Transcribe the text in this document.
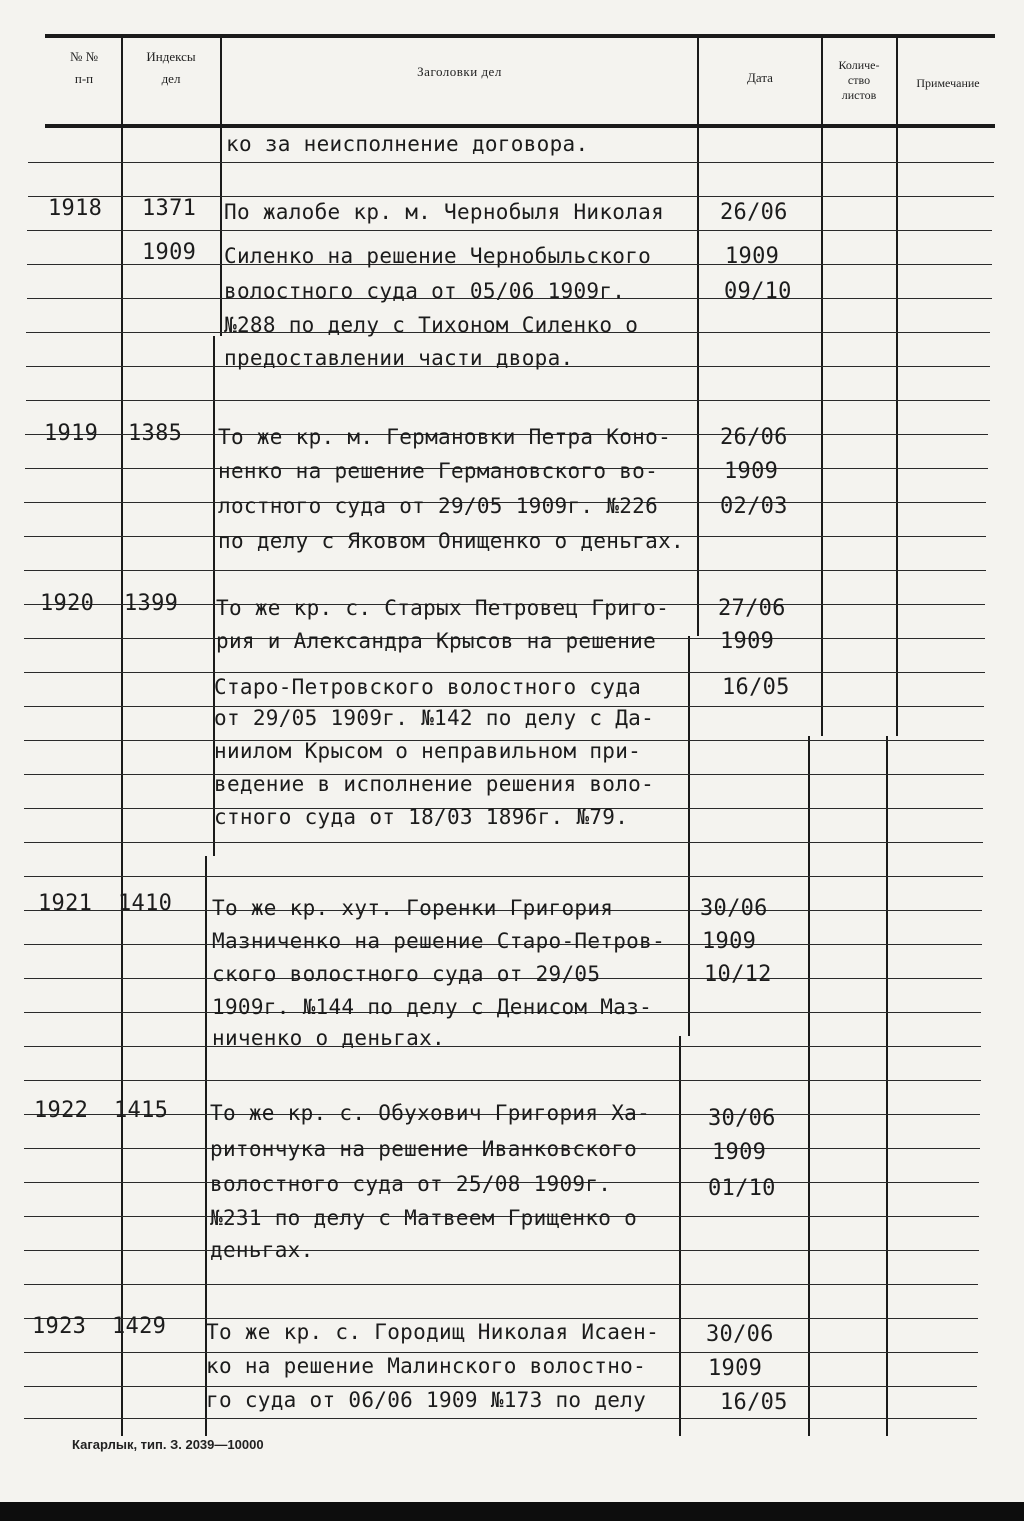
№ №
п-п
Индексы
дел	Заголовки дел	Дата
Количе-
ство
листов
Примечание
ко за неисполнение договора.
1918 1371
1909
По жалобе кр. м. Чернобыля Николая
Силенко на решение Чернобыльского
волостного суда от 05/06 1909г.
№288 по делу с Тихоном Силенко о
предоставлении части двора.
26/06
1909
09/10
1919 1385 То же кр. м. Германовки Петра Коно-
ненко на решение Германовского во-
лостного суда от 29/05 1909г. №226
по делу с Яковом Онищенко о деньгах.
26/06
1909
02/03
1920 1399 То же кр. с. Старых Петровец Григо-
рия и Александра Крысов на решение
Старо-Петровского волостного суда
от 29/05 1909г. №142 по делу с Да-
ниилом Крысом о неправильном при-
ведение в исполнение решения воло-
стного суда от 18/03 1896г. №79.
27/06
1909
16/05
1921 1410 То же кр. хут. Горенки Григория
Мазниченко на решение Старо-Петров-
ского волостного суда от 29/05
1909г. №144 по делу с Денисом Маз-
ниченко о деньгах.
30/06
1909
10/12
1922 1415 То же кр. с. Обухович Григория Ха-
ритончука на решение Иванковского
волостного суда от 25/08 1909г.
№231 по делу с Матвеем Грищенко о
деньгах.
30/06
1909
01/10
1923 1429 То же кр. с. Городищ Николая Исаен-
ко на решение Малинского волостно-
го суда от 06/06 1909 №173 по делу
30/06
1909
16/05
Кагарлык, тип. З. 2039—10000
